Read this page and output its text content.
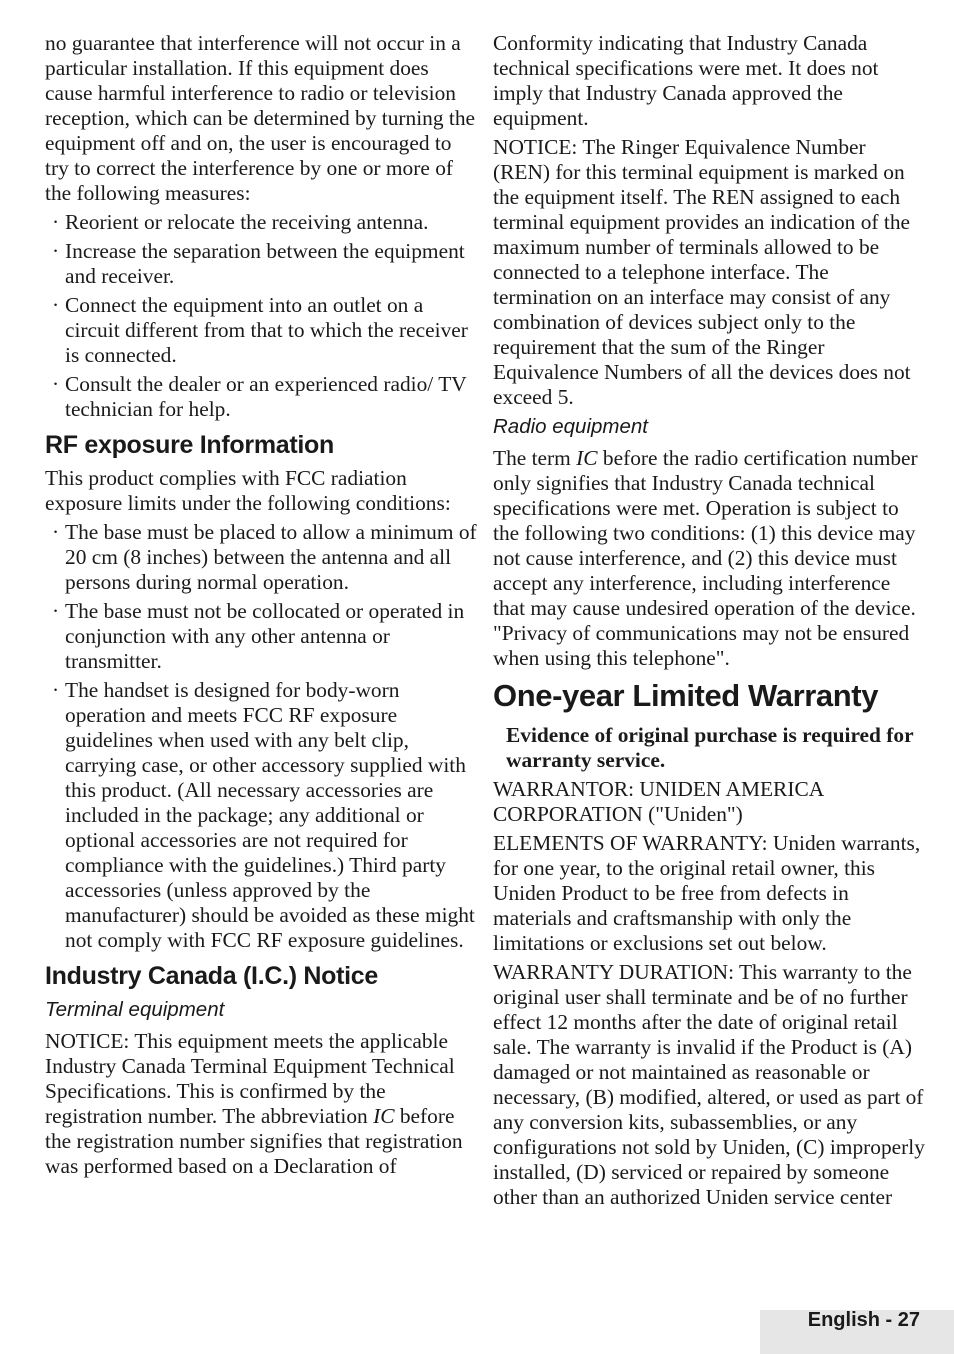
no guarantee that interference will not occur in a particular installation. If this equipment does cause harmful interference to radio or television reception, which can be determined by turning the equipment off and on, the user is encouraged to try to correct the interference by one or more of the following measures:

· Reorient or relocate the receiving antenna.
· Increase the separation between the equipment and receiver.
· Connect the equipment into an outlet on a circuit different from that to which the receiver is connected.
· Consult the dealer or an experienced radio/ TV technician for help.
RF exposure Information

This product complies with FCC radiation exposure limits under the following conditions:

· The base must be placed to allow a minimum of 20 cm (8 inches) between the antenna and all persons during normal operation.
· The base must not be collocated or operated in conjunction with any other antenna or transmitter.
· The handset is designed for body-worn operation and meets FCC RF exposure guidelines when used with any belt clip, carrying case, or other accessory supplied with this product. (All necessary accessories are included in the package; any additional or optional accessories are not required for compliance with the guidelines.) Third party accessories (unless approved by the manufacturer) should be avoided as these might not comply with FCC RF exposure guidelines.
Industry Canada (I.C.) Notice
Terminal equipment

NOTICE: This equipment meets the applicable Industry Canada Terminal Equipment Technical Specifications. This is confirmed by the registration number. The abbreviation IC before the registration number signifies that registration was performed based on a Declaration of

Conformity indicating that Industry Canada technical specifications were met. It does not imply that Industry Canada approved the equipment.

NOTICE: The Ringer Equivalence Number (REN) for this terminal equipment is marked on the equipment itself. The REN assigned to each terminal equipment provides an indication of the maximum number of terminals allowed to be connected to a telephone interface. The termination on an interface may consist of any combination of devices subject only to the requirement that the sum of the Ringer Equivalence Numbers of all the devices does not exceed 5.

Radio equipment

The term IC before the radio certification number only signifies that Industry Canada technical specifications were met. Operation is subject to the following two conditions: (1) this device may not cause interference, and (2) this device must accept any interference, including interference that may cause undesired operation of the device. "Privacy of communications may not be ensured when using this telephone".

One-year Limited Warranty

Evidence of original purchase is required for warranty service.

WARRANTOR: UNIDEN AMERICA CORPORATION ("Uniden")

ELEMENTS OF WARRANTY: Uniden warrants, for one year, to the original retail owner, this Uniden Product to be free from defects in materials and craftsmanship with only the limitations or exclusions set out below.

WARRANTY DURATION: This warranty to the original user shall terminate and be of no further effect 12 months after the date of original retail sale. The warranty is invalid if the Product is (A) damaged or not maintained as reasonable or necessary, (B) modified, altered, or used as part of any conversion kits, subassemblies, or any configurations not sold by Uniden, (C) improperly installed, (D) serviced or repaired by someone other than an authorized Uniden service center

English - 27
